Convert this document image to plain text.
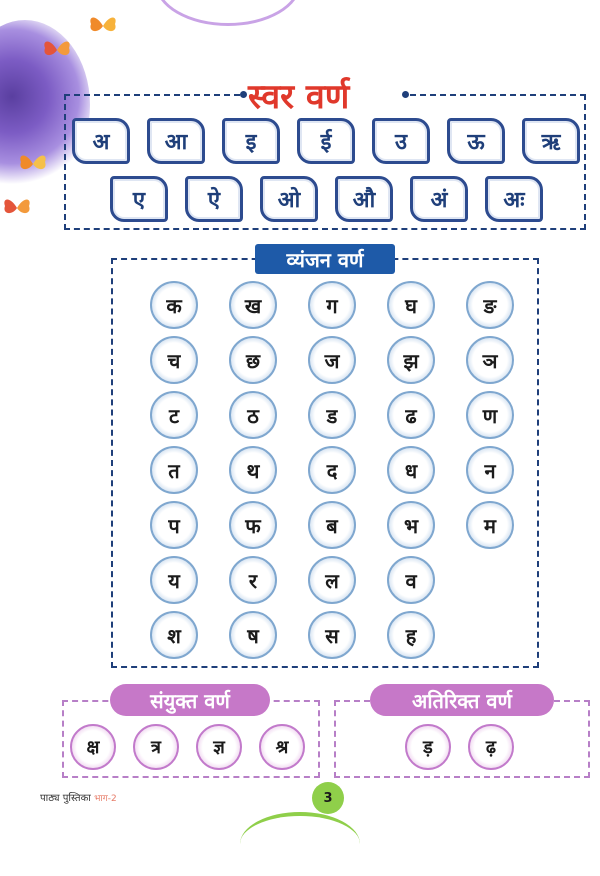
स्वर वर्ण
अ	आ	इ	ई	उ	ऊ	ऋ
ए	ऐ	ओ	औ	अं	अः
व्यंजन वर्ण
क	ख	ग	घ	ङ
च	छ	ज	झ	ञ
ट	ठ	ड	ढ	ण
त	थ	द	ध	न
प	फ	ब	भ	म
य	र	ल	व
श	ष	स	ह
संयुक्त वर्ण
क्ष	त्र	ज्ञ	श्र
अतिरिक्त वर्ण
ड़	ढ़
पाठ्य पुस्तिका भाग-2	3
